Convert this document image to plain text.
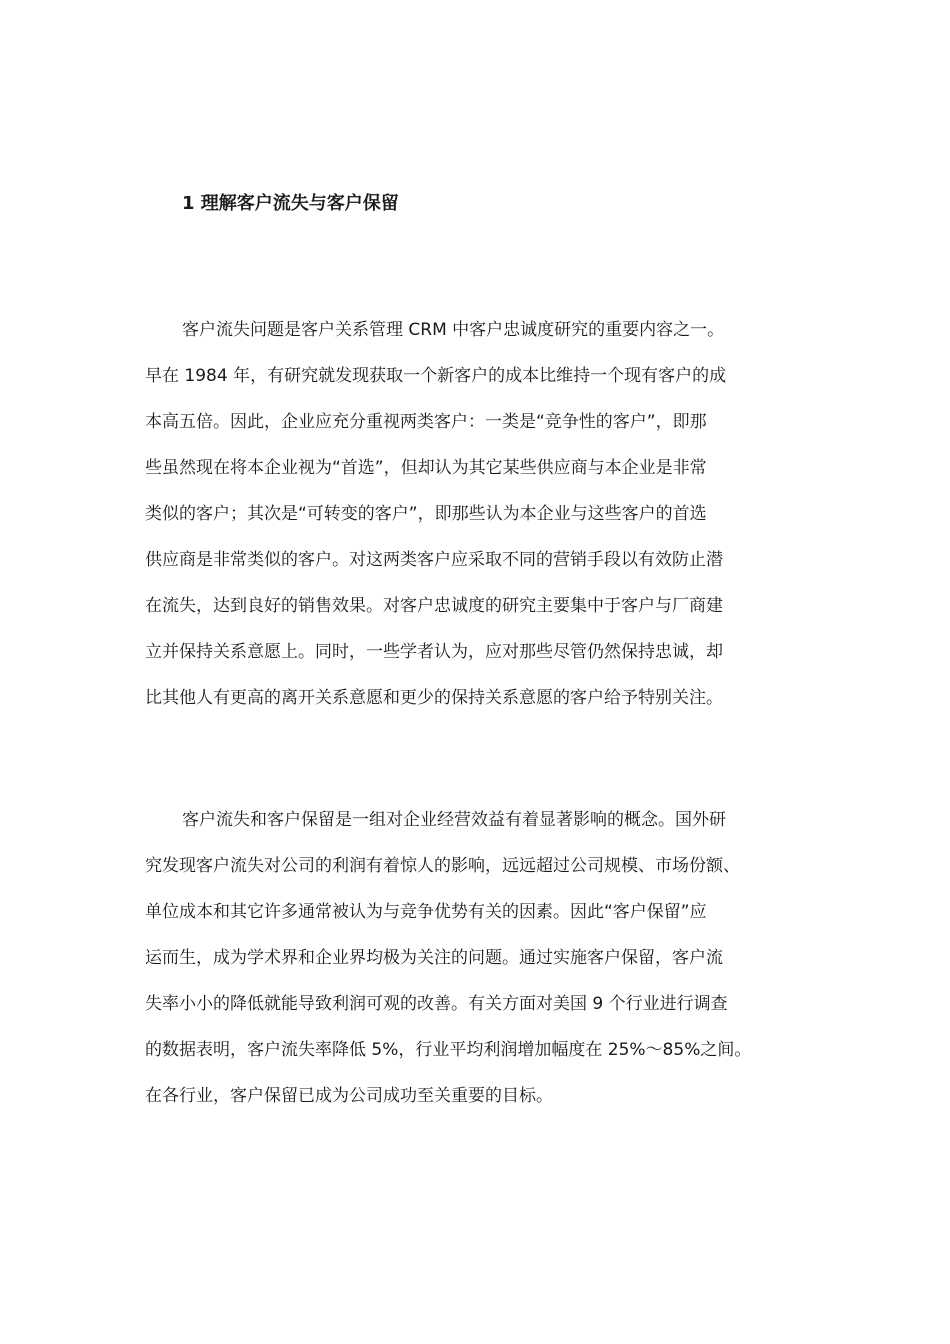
1 理解客户流失与客户保留
客户流失问题是客户关系管理 CRM 中客户忠诚度研究的重要内容之一。
早在 1984 年，有研究就发现获取一个新客户的成本比维持一个现有客户的成
本高五倍。因此，企业应充分重视两类客户：一类是“竞争性的客户”，即那
些虽然现在将本企业视为“首选”，但却认为其它某些供应商与本企业是非常
类似的客户；其次是“可转变的客户”，即那些认为本企业与这些客户的首选
供应商是非常类似的客户。对这两类客户应采取不同的营销手段以有效防止潜
在流失，达到良好的销售效果。对客户忠诚度的研究主要集中于客户与厂商建
立并保持关系意愿上。同时，一些学者认为，应对那些尽管仍然保持忠诚，却
比其他人有更高的离开关系意愿和更少的保持关系意愿的客户给予特别关注。
客户流失和客户保留是一组对企业经营效益有着显著影响的概念。国外研
究发现客户流失对公司的利润有着惊人的影响，远远超过公司规模、市场份额、
单位成本和其它许多通常被认为与竞争优势有关的因素。因此“客户保留”应
运而生，成为学术界和企业界均极为关注的问题。通过实施客户保留，客户流
失率小小的降低就能导致利润可观的改善。有关方面对美国 9 个行业进行调查
的数据表明，客户流失率降低 5%，行业平均利润增加幅度在 25%～85%之间。
在各行业，客户保留已成为公司成功至关重要的目标。
